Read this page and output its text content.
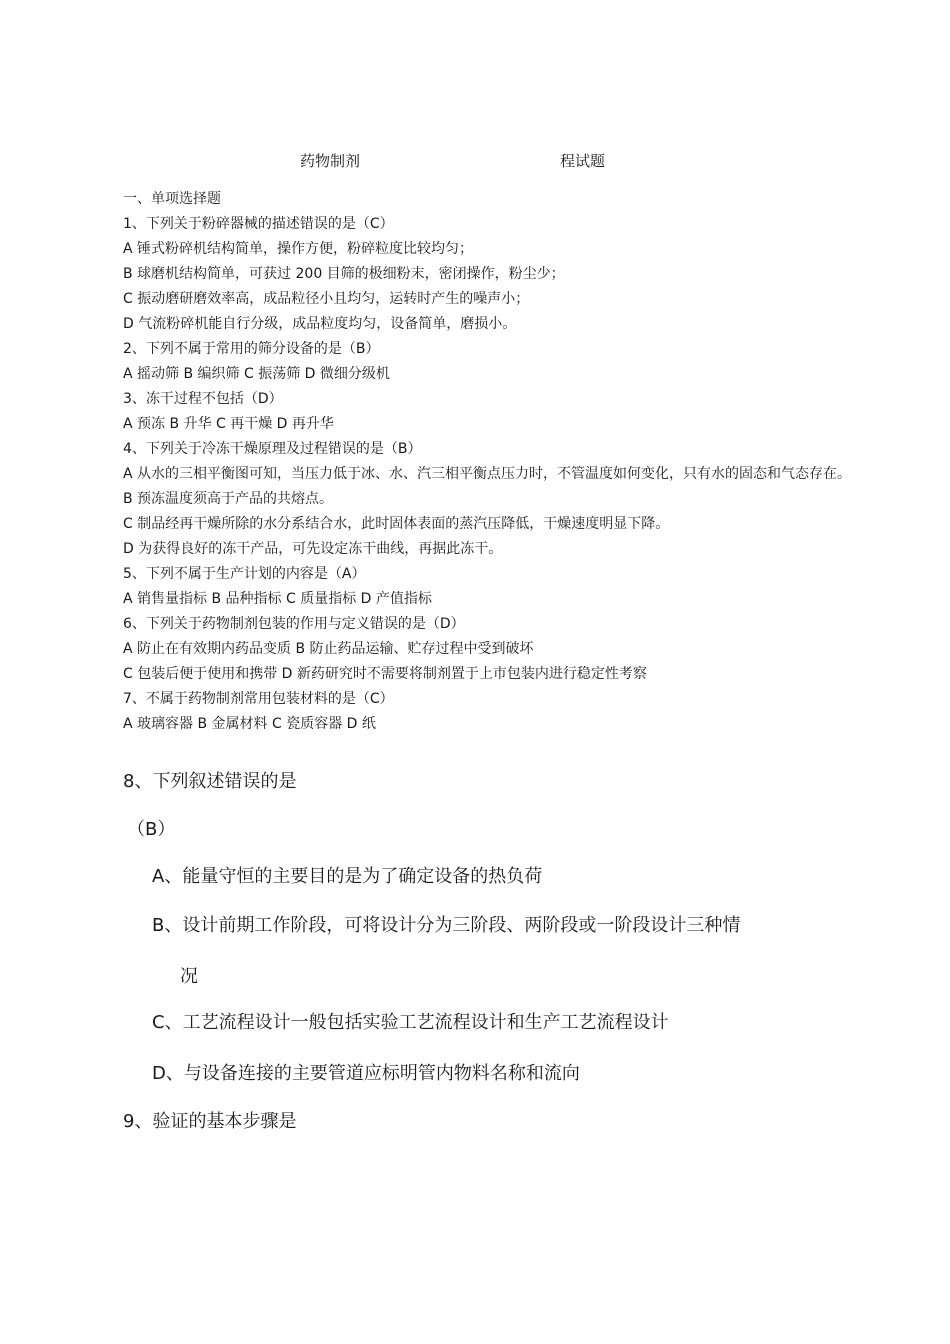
药物制剂	程试题
一、单项选择题
1、下列关于粉碎器械的描述错误的是（C）
A 锤式粉碎机结构简单，操作方便，粉碎粒度比较均匀；
B 球磨机结构简单，可获过 200 目筛的极细粉末，密闭操作，粉尘少；
C 振动磨研磨效率高，成品粒径小且均匀，运转时产生的噪声小；
D 气流粉碎机能自行分级，成品粒度均匀，设备简单，磨损小。
2、下列不属于常用的筛分设备的是（B）
A 摇动筛 B 编织筛 C 振荡筛 D 微细分级机
3、冻干过程不包括（D）
A 预冻 B 升华 C 再干燥 D 再升华
4、下列关于冷冻干燥原理及过程错误的是（B）
A 从水的三相平衡图可知，当压力低于冰、水、汽三相平衡点压力时，不管温度如何变化，只有水的固态和气态存在。
B 预冻温度须高于产品的共熔点。
C 制品经再干燥所除的水分系结合水，此时固体表面的蒸汽压降低，干燥速度明显下降。
D 为获得良好的冻干产品，可先设定冻干曲线，再据此冻干。
5、下列不属于生产计划的内容是（A）
A 销售量指标 B 品种指标 C 质量指标 D 产值指标
6、下列关于药物制剂包装的作用与定义错误的是（D）
A 防止在有效期内药品变质 B 防止药品运输、贮存过程中受到破坏
C 包装后便于使用和携带 D 新药研究时不需要将制剂置于上市包装内进行稳定性考察
7、不属于药物制剂常用包装材料的是（C）
A 玻璃容器 B 金属材料 C 瓷质容器 D 纸
8、下列叙述错误的是
（B）
A、能量守恒的主要目的是为了确定设备的热负荷
B、设计前期工作阶段，可将设计分为三阶段、两阶段或一阶段设计三种情
况
C、工艺流程设计一般包括实验工艺流程设计和生产工艺流程设计
D、与设备连接的主要管道应标明管内物料名称和流向
9、验证的基本步骤是
